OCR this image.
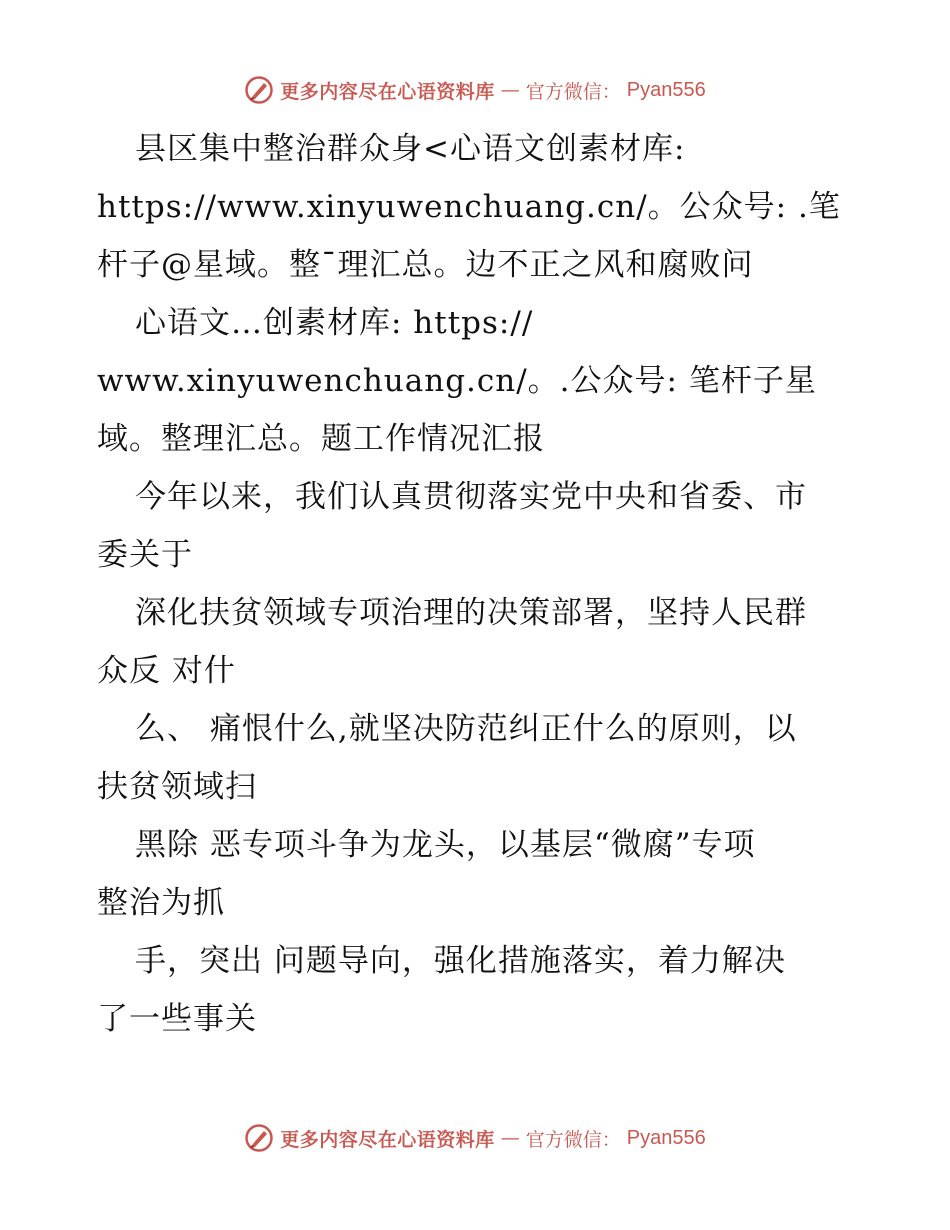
更多内容尽在心语资料库 — 官方微信： Pyan556
县区集中整治群众身<心语文创素材库:
https://www.xinyuwenchuang.cn/。公众号: .笔
杆子@星域。整¯理汇总。边不正之风和腐败问
心语文…创素材库: https://
www.xinyuwenchuang.cn/。.公众号: 笔杆子星
域。整理汇总。题工作情况汇报
今年以来，我们认真贯彻落实党中央和省委、市
委关于
深化扶贫领域专项治理的决策部署，坚持人民群
众反 对什
么、 痛恨什么,就坚决防范纠正什么的原则，以
扶贫领域扫
黑除 恶专项斗争为龙头，以基层“微腐”专项
整治为抓
手，突出 问题导向，强化措施落实，着力解决
了一些事关
更多内容尽在心语资料库 — 官方微信： Pyan556
